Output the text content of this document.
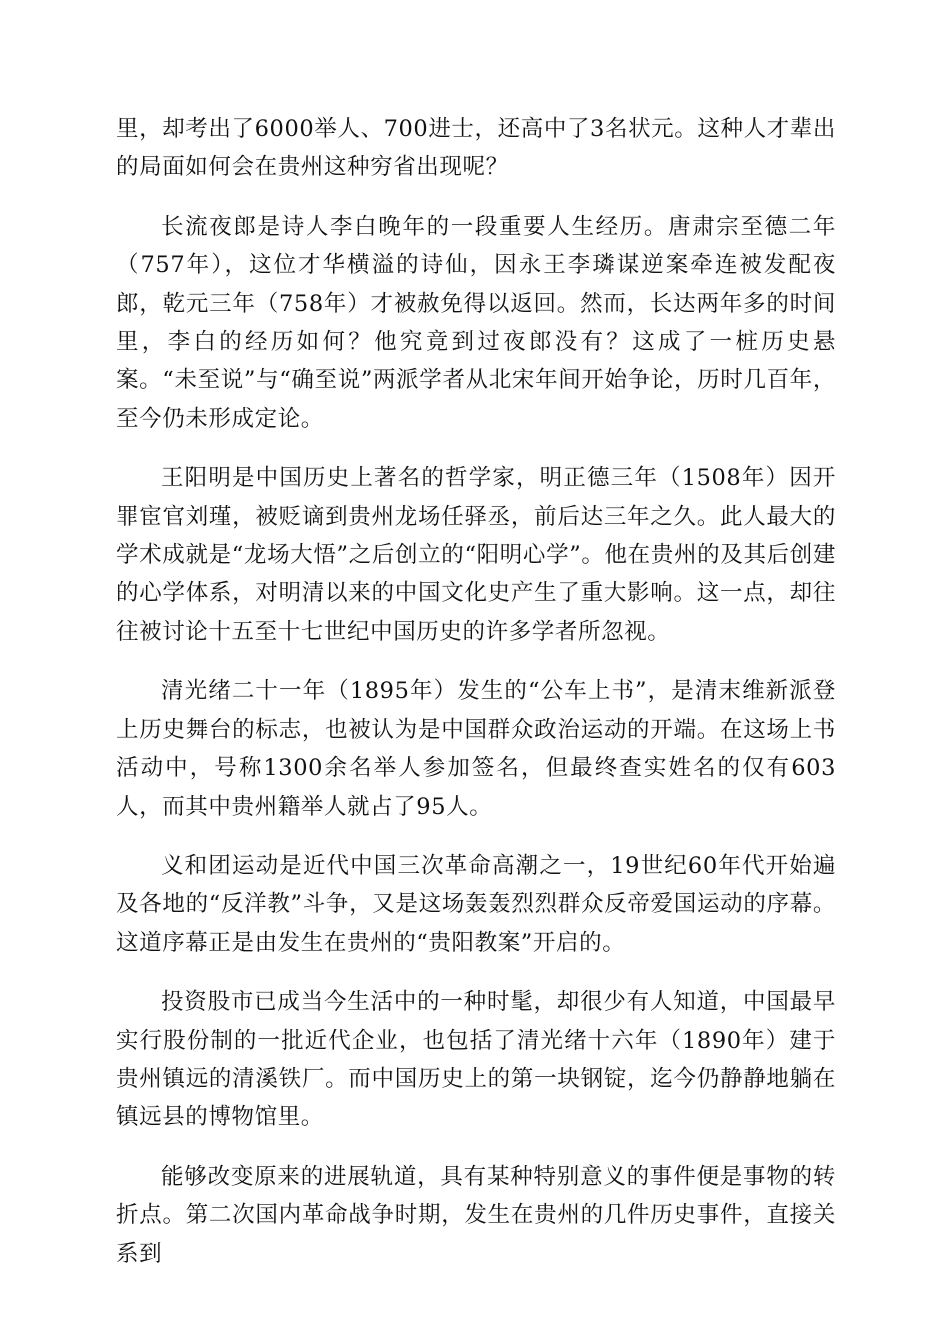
里，却考出了6000举人、700进士，还高中了3名状元。这种人才辈出的局面如何会在贵州这种穷省出现呢？

长流夜郎是诗人李白晚年的一段重要人生经历。唐肃宗至德二年（757年），这位才华横溢的诗仙，因永王李璘谋逆案牵连被发配夜郎，乾元三年（758年）才被赦免得以返回。然而，长达两年多的时间里，李白的经历如何？他究竟到过夜郎没有？这成了一桩历史悬案。“未至说”与“确至说”两派学者从北宋年间开始争论，历时几百年，至今仍未形成定论。

王阳明是中国历史上著名的哲学家，明正德三年（1508年）因开罪宦官刘瑾，被贬谪到贵州龙场任驿丞，前后达三年之久。此人最大的学术成就是“龙场大悟”之后创立的“阳明心学”。他在贵州的及其后创建的心学体系，对明清以来的中国文化史产生了重大影响。这一点，却往往被讨论十五至十七世纪中国历史的许多学者所忽视。

清光绪二十一年（1895年）发生的“公车上书”，是清末维新派登上历史舞台的标志，也被认为是中国群众政治运动的开端。在这场上书活动中，号称1300余名举人参加签名，但最终查实姓名的仅有603人，而其中贵州籍举人就占了95人。

义和团运动是近代中国三次革命高潮之一，19世纪60年代开始遍及各地的“反洋教”斗争，又是这场轰轰烈烈群众反帝爱国运动的序幕。这道序幕正是由发生在贵州的“贵阳教案”开启的。

投资股市已成当今生活中的一种时髦，却很少有人知道，中国最早实行股份制的一批近代企业，也包括了清光绪十六年（1890年）建于贵州镇远的清溪铁厂。而中国历史上的第一块钢锭，迄今仍静静地躺在镇远县的博物馆里。

能够改变原来的进展轨道，具有某种特别意义的事件便是事物的转折点。第二次国内革命战争时期，发生在贵州的几件历史事件，直接关系到
